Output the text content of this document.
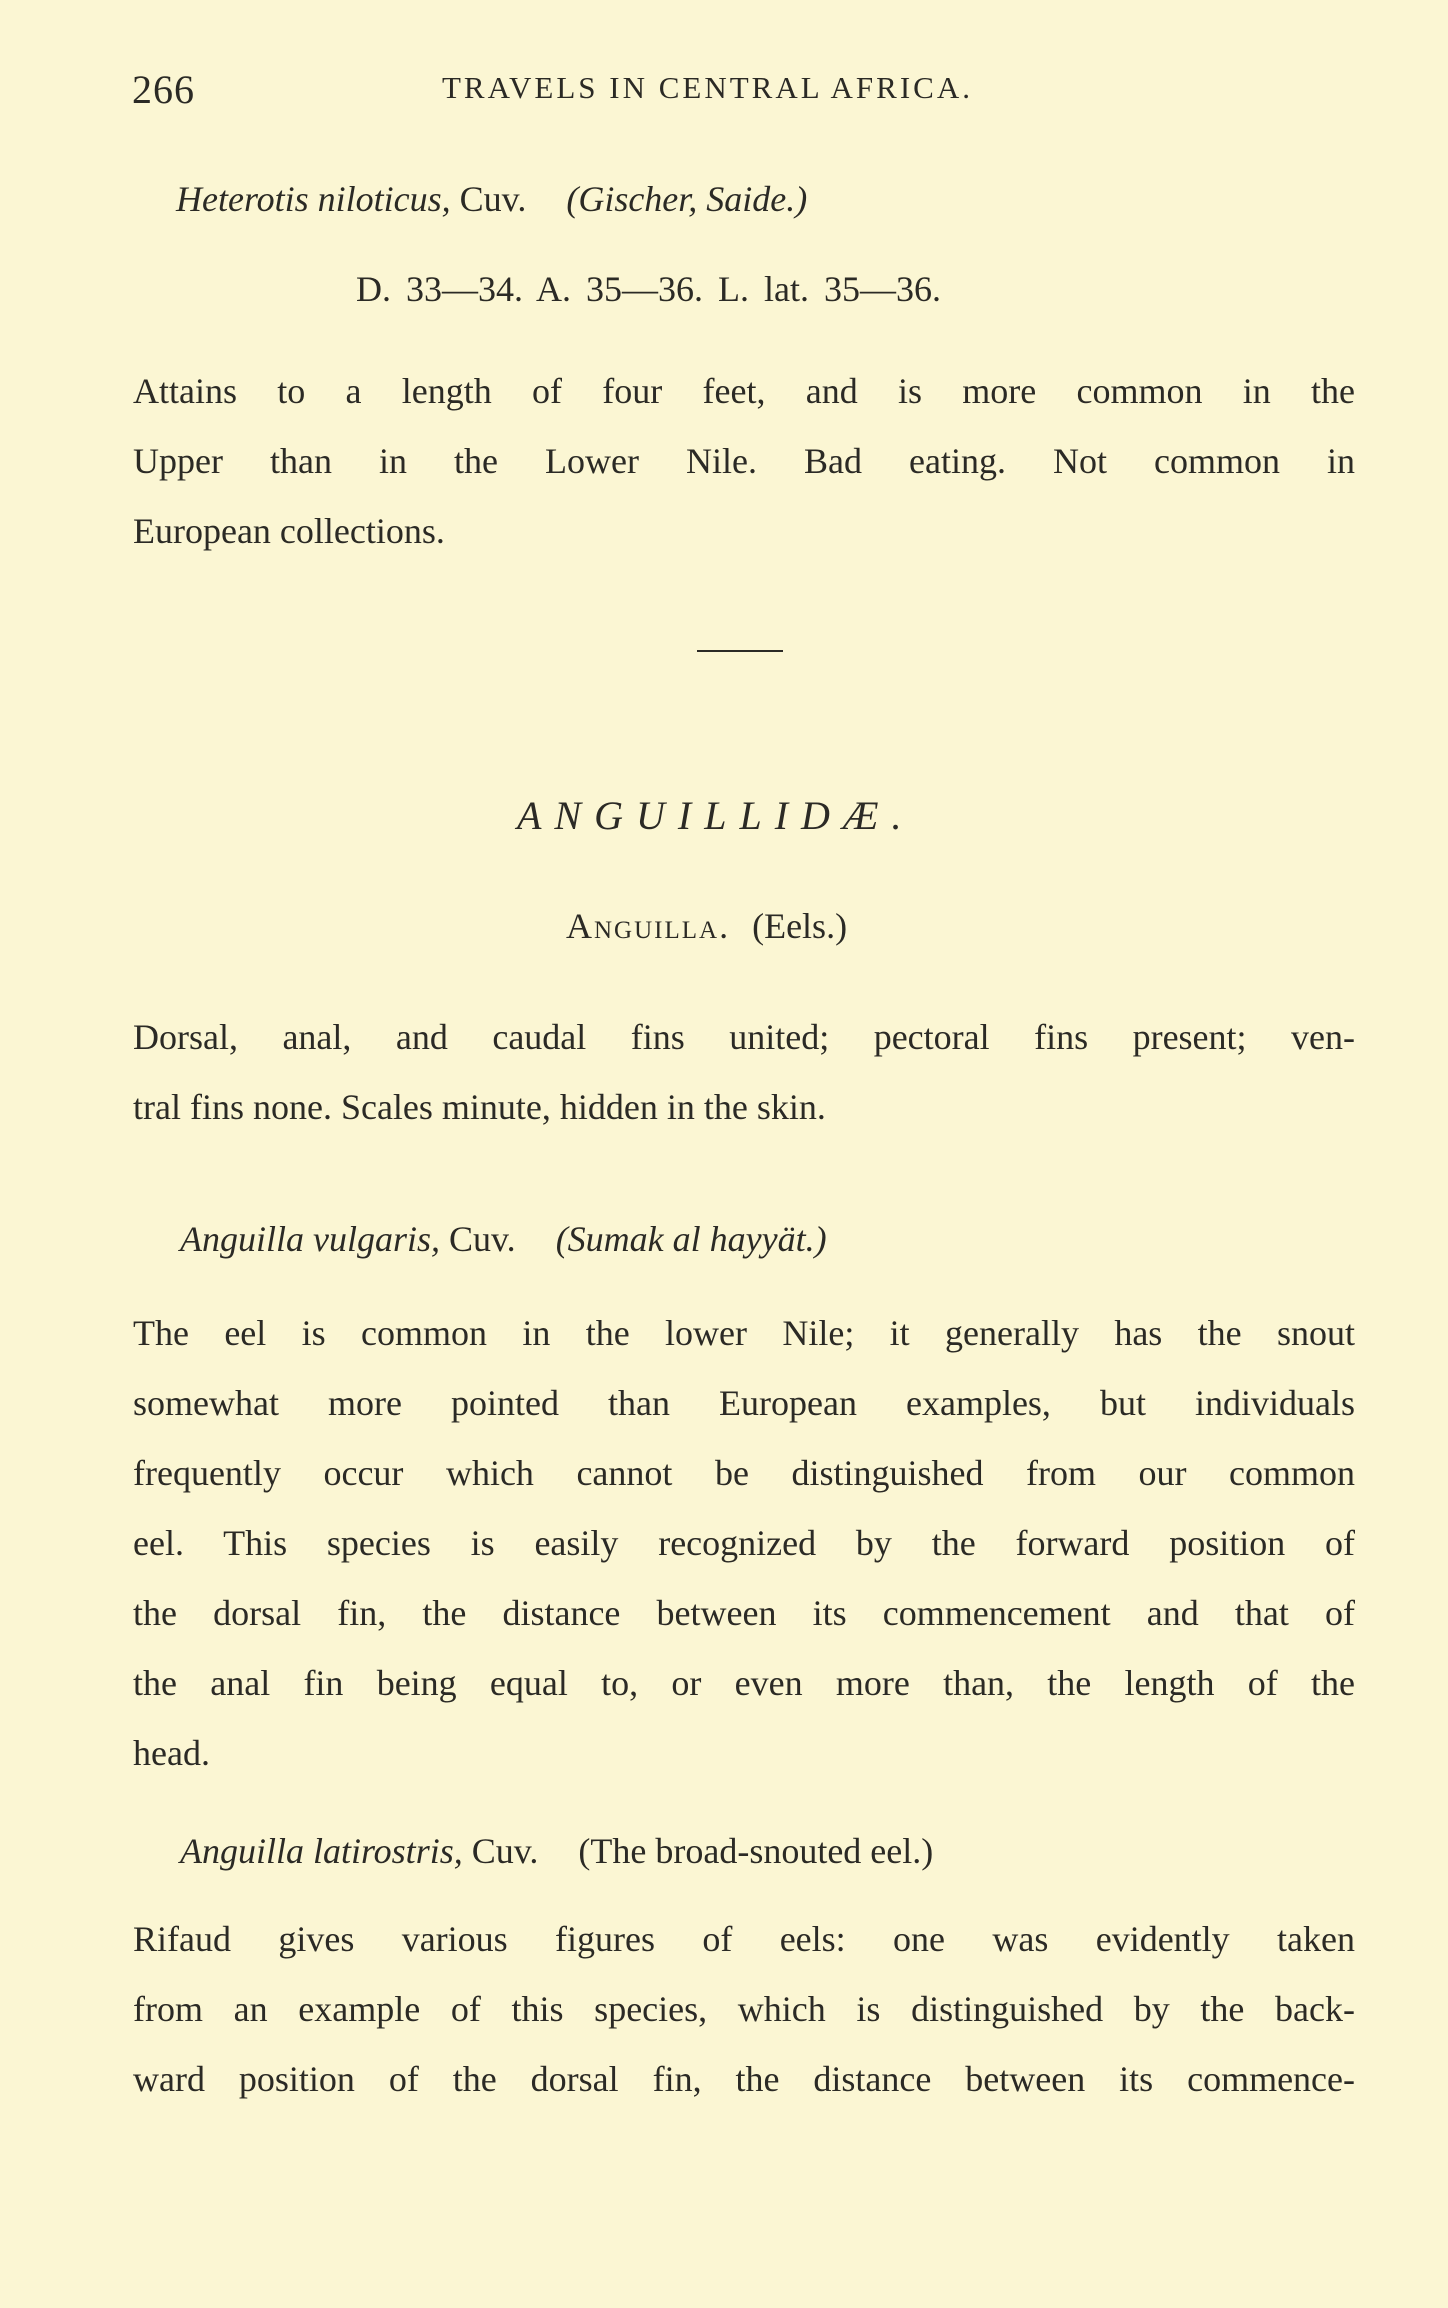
266	TRAVELS IN CENTRAL AFRICA.
Heterotis niloticus, Cuv. (Gischer, Saide.)
D. 33—34. A. 35—36. L. lat. 35—36.
Attains to a length of four feet, and is more common in the
Upper than in the Lower Nile. Bad eating. Not common in
European collections.
ANGUILLIDÆ.
Anguilla. (Eels.)
Dorsal, anal, and caudal fins united; pectoral fins present; ven-
tral fins none. Scales minute, hidden in the skin.
Anguilla vulgaris, Cuv. (Sumak al hayyät.)
The eel is common in the lower Nile; it generally has the snout
somewhat more pointed than European examples, but individuals
frequently occur which cannot be distinguished from our common
eel. This species is easily recognized by the forward position of
the dorsal fin, the distance between its commencement and that of
the anal fin being equal to, or even more than, the length of the
head.
Anguilla latirostris, Cuv. (The broad-snouted eel.)
Rifaud gives various figures of eels: one was evidently taken
from an example of this species, which is distinguished by the back-
ward position of the dorsal fin, the distance between its commence-
